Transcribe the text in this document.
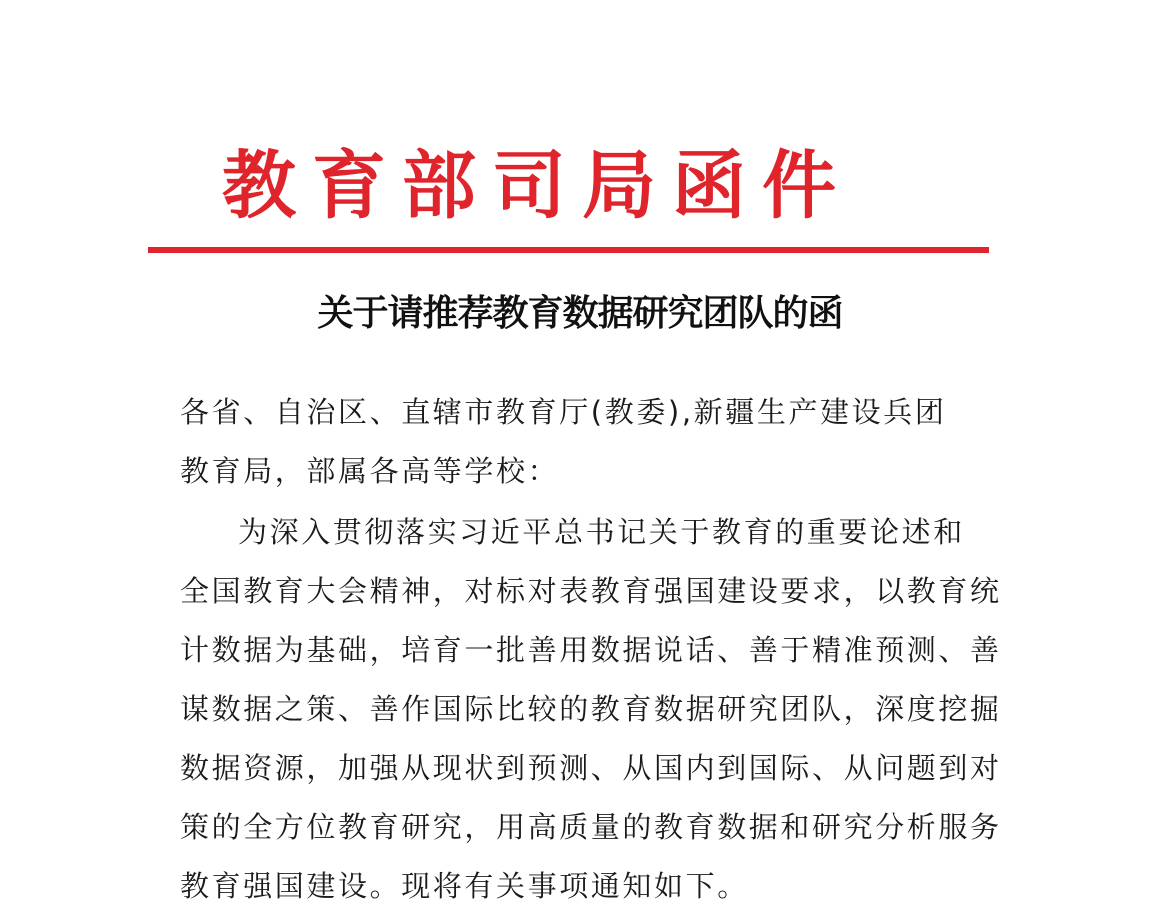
教育部司局函件
关于请推荐教育数据研究团队的函
各省、自治区、直辖市教育厅(教委),新疆生产建设兵团
教育局，部属各高等学校：
为深入贯彻落实习近平总书记关于教育的重要论述和
全国教育大会精神，对标对表教育强国建设要求，以教育统
计数据为基础，培育一批善用数据说话、善于精准预测、善
谋数据之策、善作国际比较的教育数据研究团队，深度挖掘
数据资源，加强从现状到预测、从国内到国际、从问题到对
策的全方位教育研究，用高质量的教育数据和研究分析服务
教育强国建设。现将有关事项通知如下。
